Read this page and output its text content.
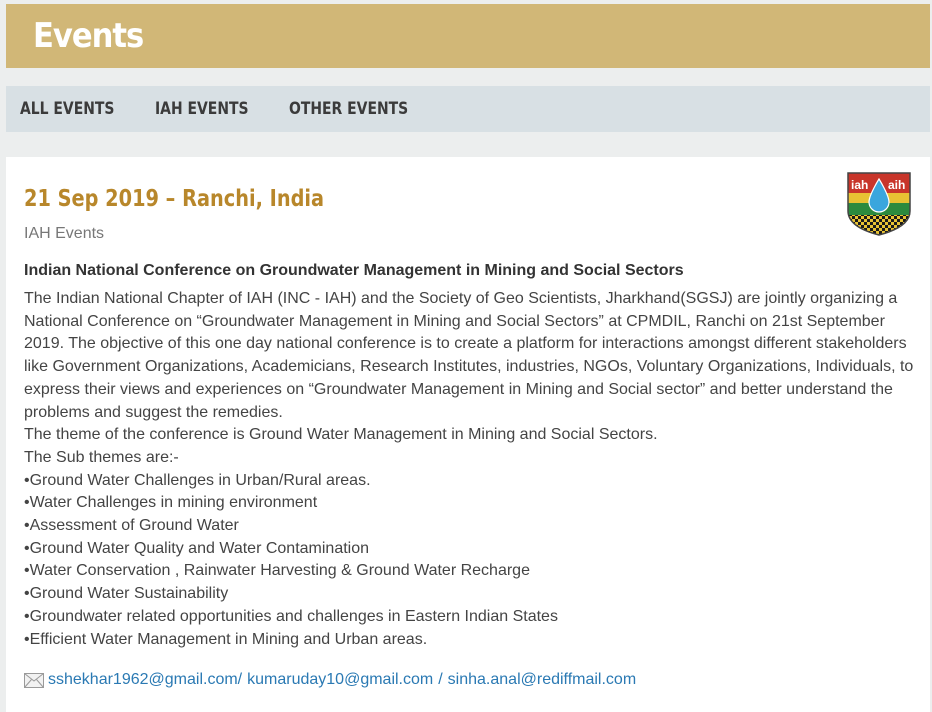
Events
ALL EVENTS IAH EVENTS OTHER EVENTS
21 Sep 2019 – Ranchi, India
IAH Events
iah aih
Indian National Conference on Groundwater Management in Mining and Social Sectors

The Indian National Chapter of IAH (INC - IAH) and the Society of Geo Scientists, Jharkhand(SGSJ) are jointly organizing a National Conference on “Groundwater Management in Mining and Social Sectors” at CPMDIL, Ranchi on 21st September 2019. The objective of this one day national conference is to create a platform for interactions amongst different stakeholders like Government Organizations, Academicians, Research Institutes, industries, NGOs, Voluntary Organizations, Individuals, to express their views and experiences on “Groundwater Management in Mining and Social sector” and better understand the problems and suggest the remedies.

The theme of the conference is Ground Water Management in Mining and Social Sectors.

The Sub themes are:-

•Ground Water Challenges in Urban/Rural areas.

•Water Challenges in mining environment

•Assessment of Ground Water

•Ground Water Quality and Water Contamination

•Water Conservation , Rainwater Harvesting & Ground Water Recharge

•Ground Water Sustainability

•Groundwater related opportunities and challenges in Eastern Indian States

•Efficient Water Management in Mining and Urban areas.

sshekhar1962@gmail.com / kumaruday10@gmail.com / sinha.anal@rediffmail.com
